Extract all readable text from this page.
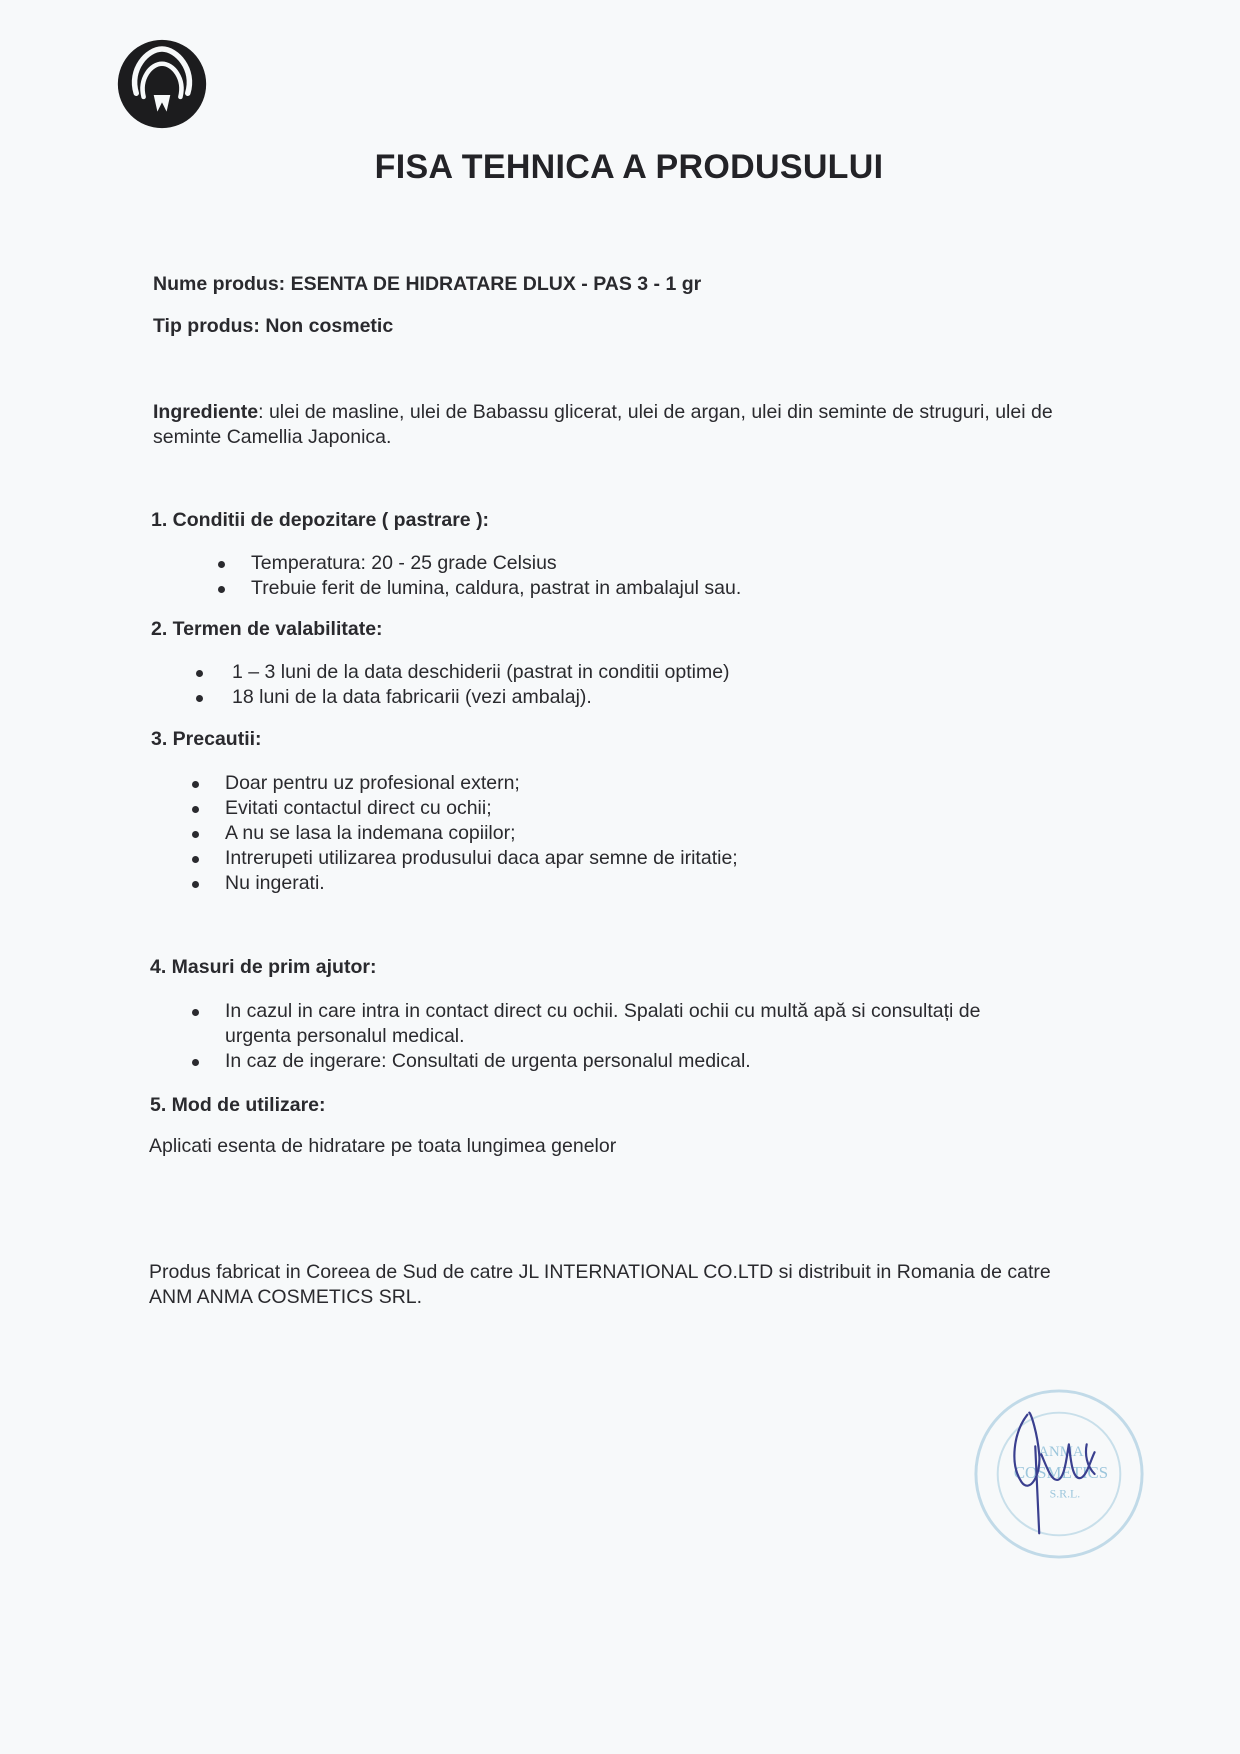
FISA TEHNICA A PRODUSULUI
Nume produs: ESENTA DE HIDRATARE DLUX - PAS 3 - 1 gr
Tip produs: Non cosmetic
Ingrediente: ulei de masline, ulei de Babassu glicerat, ulei de argan, ulei din seminte de struguri, ulei de seminte Camellia Japonica.
1. Conditii de depozitare ( pastrare ):
Temperatura: 20 - 25 grade Celsius
Trebuie ferit de lumina, caldura, pastrat in ambalajul sau.
2. Termen de valabilitate:
1 – 3 luni de la data deschiderii (pastrat in conditii optime)
18 luni de la data fabricarii (vezi ambalaj).
3. Precautii:
Doar pentru uz profesional extern;
Evitati contactul direct cu ochii;
A nu se lasa la indemana copiilor;
Intrerupeti utilizarea produsului daca apar semne de iritatie;
Nu ingerati.
4. Masuri de prim ajutor:
In cazul in care intra in contact direct cu ochii. Spalati ochii cu multă apă si consultați de urgenta personalul medical.
In caz de ingerare: Consultati de urgenta personalul medical.
5. Mod de utilizare:
Aplicati esenta de hidratare pe toata lungimea genelor
Produs fabricat in Coreea de Sud de catre JL INTERNATIONAL CO.LTD si distribuit in Romania de catre ANM ANMA COSMETICS SRL.
ANMA
COSMETICS
S.R.L.
